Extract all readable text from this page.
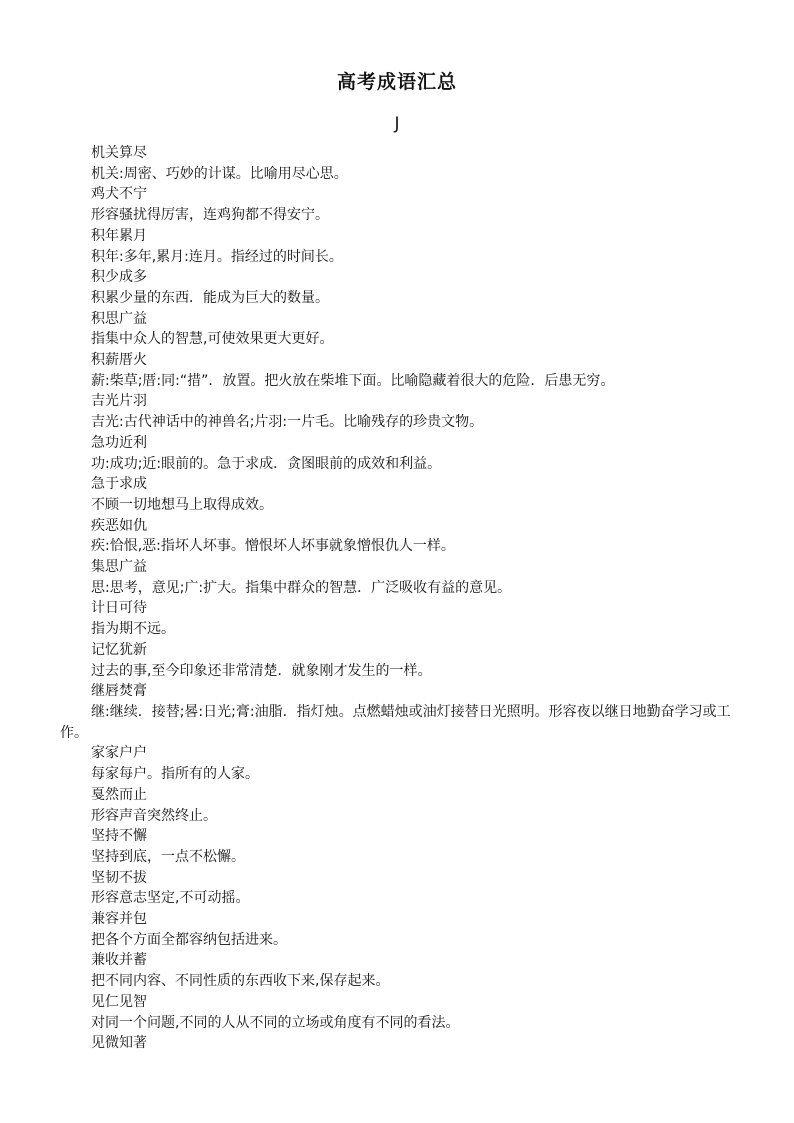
高考成语汇总
J
机关算尽
机关:周密、巧妙的计谋。比喻用尽心思。
鸡犬不宁
形容骚扰得厉害，连鸡狗都不得安宁。
积年累月
积年:多年,累月:连月。指经过的时间长。
积少成多
积累少量的东西．能成为巨大的数量。
积思广益
指集中众人的智慧,可使效果更大更好。
积薪厝火
薪:柴草;厝:同:“措”．放置。把火放在柴堆下面。比喻隐藏着很大的危险．后患无穷。
吉光片羽
吉光:古代神话中的神兽名;片羽:一片毛。比喻残存的珍贵文物。
急功近利
功:成功;近:眼前的。急于求成．贪图眼前的成效和利益。
急于求成
不顾一切地想马上取得成效。
疾恶如仇
疾:恰恨,恶:指坏人坏事。憎恨坏人坏事就象憎恨仇人一样。
集思广益
思:思考，意见;广:扩大。指集中群众的智慧．广泛吸收有益的意见。
计日可待
指为期不远。
记忆犹新
过去的事,至今印象还非常清楚．就象刚才发生的一样。
继唇焚膏
继:继续．接替;晷:日光;膏:油脂．指灯烛。点燃蜡烛或油灯接替日光照明。形容夜以继日地勤奋学习或工作。
家家户户
每家每户。指所有的人家。
戛然而止
形容声音突然终止。
坚持不懈
坚持到底，一点不松懈。
坚韧不拔
形容意志坚定,不可动摇。
兼容并包
把各个方面全都容纳包括进来。
兼收并蓄
把不同内容、不同性质的东西收下来,保存起来。
见仁见智
对同一个问题,不同的人从不同的立场或角度有不同的看法。
见微知著
